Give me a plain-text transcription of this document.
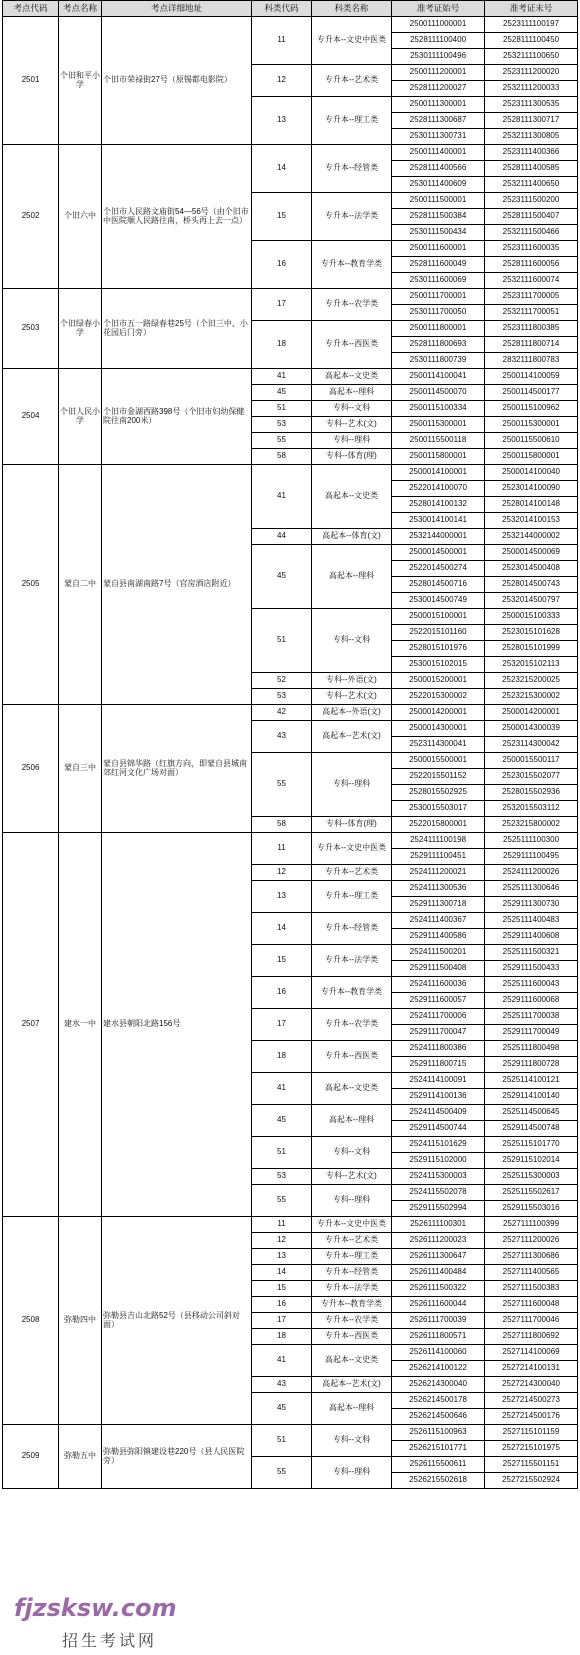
考点代码	考点名称	考点详细地址	科类代码	科类名称	准考证始号	准考证末号
2501	个旧和平小学	个旧市荣禄街27号（原锡都电影院）	11	专升本--文史中医类	2500111000001	2523111100197
					2528111100400	2528111100450
					2530111100496	2532111100650
			12	专升本--艺术类	2500111200001	2523111200020
					2528111200027	2532111200033
			13	专升本--理工类	2500111300001	2523111300535
					2528111300687	2528111300717
					2530111300731	2532111300805
2502	个旧六中	个旧市人民路文庙街54—56号（由个旧市中医院顺人民路往南，桥头再上去一点）	14	专升本--经管类	2500111400001	2523111400366
					2528111400566	2528111400585
					2530111400609	2532111400650
			15	专升本--法学类	2500111500001	2523111500200
					2528111500384	2528111500407
					2530111500434	2532111500466
			16	专升本--教育学类	2500111600001	2523111600035
					2528111600049	2528111600056
					2530111600069	2532111600074
2503	个旧绿春小学	个旧市五一路绿春巷25号（个旧三中、小花园后门旁）	17	专升本--农学类	2500111700001	2523111700005
					2530111700050	2532111700051
			18	专升本--西医类	2500111800001	2523111800385
					2528111800693	2528111800714
					2530111800739	2832111800783
2504	个旧人民小学	个旧市金湖西路398号（个旧市妇幼保健院往南200米）	41	高起本--文史类	2500114100041	2500114100059
			45	高起本--理科	2500114500070	2500114500177
			51	专科--文科	2500115100334	2500115100962
			53	专科--艺术(文)	2500115300001	2500115300001
			55	专科--理科	2500115500118	2500115500610
			58	专科--体育(理)	2500115800001	2500115800001
2505	蒙自二中	蒙自县南湖南路7号（官房酒店附近）	41	高起本--文史类	2500014100001	2500014100040
					2522014100070	2523014100090
					2528014100132	2528014100148
					2530014100141	2532014100153
			44	高起本--体育(文)	2532144000001	2532144000002
			45	高起本--理科	2500014500001	2500014500069
					2522014500274	2523014500408
					2528014500716	2528014500743
					2530014500749	2532014500797
			51	专科--文科	2500015100001	2500015100333
					2522015101160	2523015101628
					2528015101976	2528015101999
					2530015102015	2532015102113
			52	专科--外语(文)	2500015200001	2523215200025
			53	专科--艺术(文)	2522015300002	2523215300002
2506	蒙自三中	蒙自县锦华路（红旗方向，即蒙自县城南郊红河文化广场对面）	42	高起本--外语(文)	2500014200001	2500014200001
			43	高起本--艺术(文)	2500014300001	2500014300039
					2523114300041	2523114300042
			55	专科--理科	2500015500001	2500015500117
					2522015501152	2523015502077
					2528015502925	2528015502936
					2530015503017	2532015503112
			58	专科--体育(理)	2522015800001	2523215800002
2507	建水一中	建水县朝阳北路156号	11	专升本--文史中医类	2524111100198	2525111100300
					2529111100451	2529111100495
			12	专升本--艺术类	2524111200021	2524111200026
			13	专升本--理工类	2524111300536	2525111300646
					2529111300718	2529111300730
			14	专升本--经管类	2524111400367	2525111400483
					2529111400586	2529111400608
			15	专升本--法学类	2524111500201	2525111500321
					2529111500408	2529111500433
			16	专升本--教育学类	2524111600036	2525111600043
					2529111600057	2529111600068
			17	专升本--农学类	2524111700006	2525111700038
					2529111700047	2529111700049
			18	专升本--西医类	2524111800386	2525111800498
					2529111800715	2529111800728
			41	高起本--文史类	2524114100091	2525114100121
					2529114100136	2529114100140
			45	高起本--理科	2524114500409	2525114500645
					2529114500744	2529114500748
			51	专科--文科	2524115101629	2525115101770
					2529115102000	2529115102014
			53	专科--艺术(文)	2524115300003	2525115300003
			55	专科--理科	2524115502078	2525115502617
					2529115502994	2529115503016
2508	弥勒四中	弥勒县吉山北路52号（县移动公司斜对面）	11	专升本--文史中医类	2526111100301	2527111100399
			12	专升本--艺术类	2526111200023	2527111200026
			13	专升本--理工类	2526111300647	2527111300686
			14	专升本--经管类	2526111400484	2527111400565
			15	专升本--法学类	2526111500322	2527111500383
			16	专升本--教育学类	2526111600044	2527111600048
			17	专升本--农学类	2526111700039	2527111700046
			18	专升本--西医类	2526111800571	2527111800692
			41	高起本--文史类	2526114100060	2527114100069
					2526214100122	2527214100131
			43	高起本--艺术(文)	2526214300040	2527214300040
			45	高起本--理科	2526214500178	2527214500273
					2526214500646	2527214500176
2509	弥勒五中	弥勒县弥阳镇建设巷220号（县人民医院旁）	51	专科--文科	2526115100963	2527115101159
					2526215101771	2527215101975
			55	专科--理科	2526115500611	2527115501151
					2526215502618	2527215502924
fjzsksw.com
招生考试网
